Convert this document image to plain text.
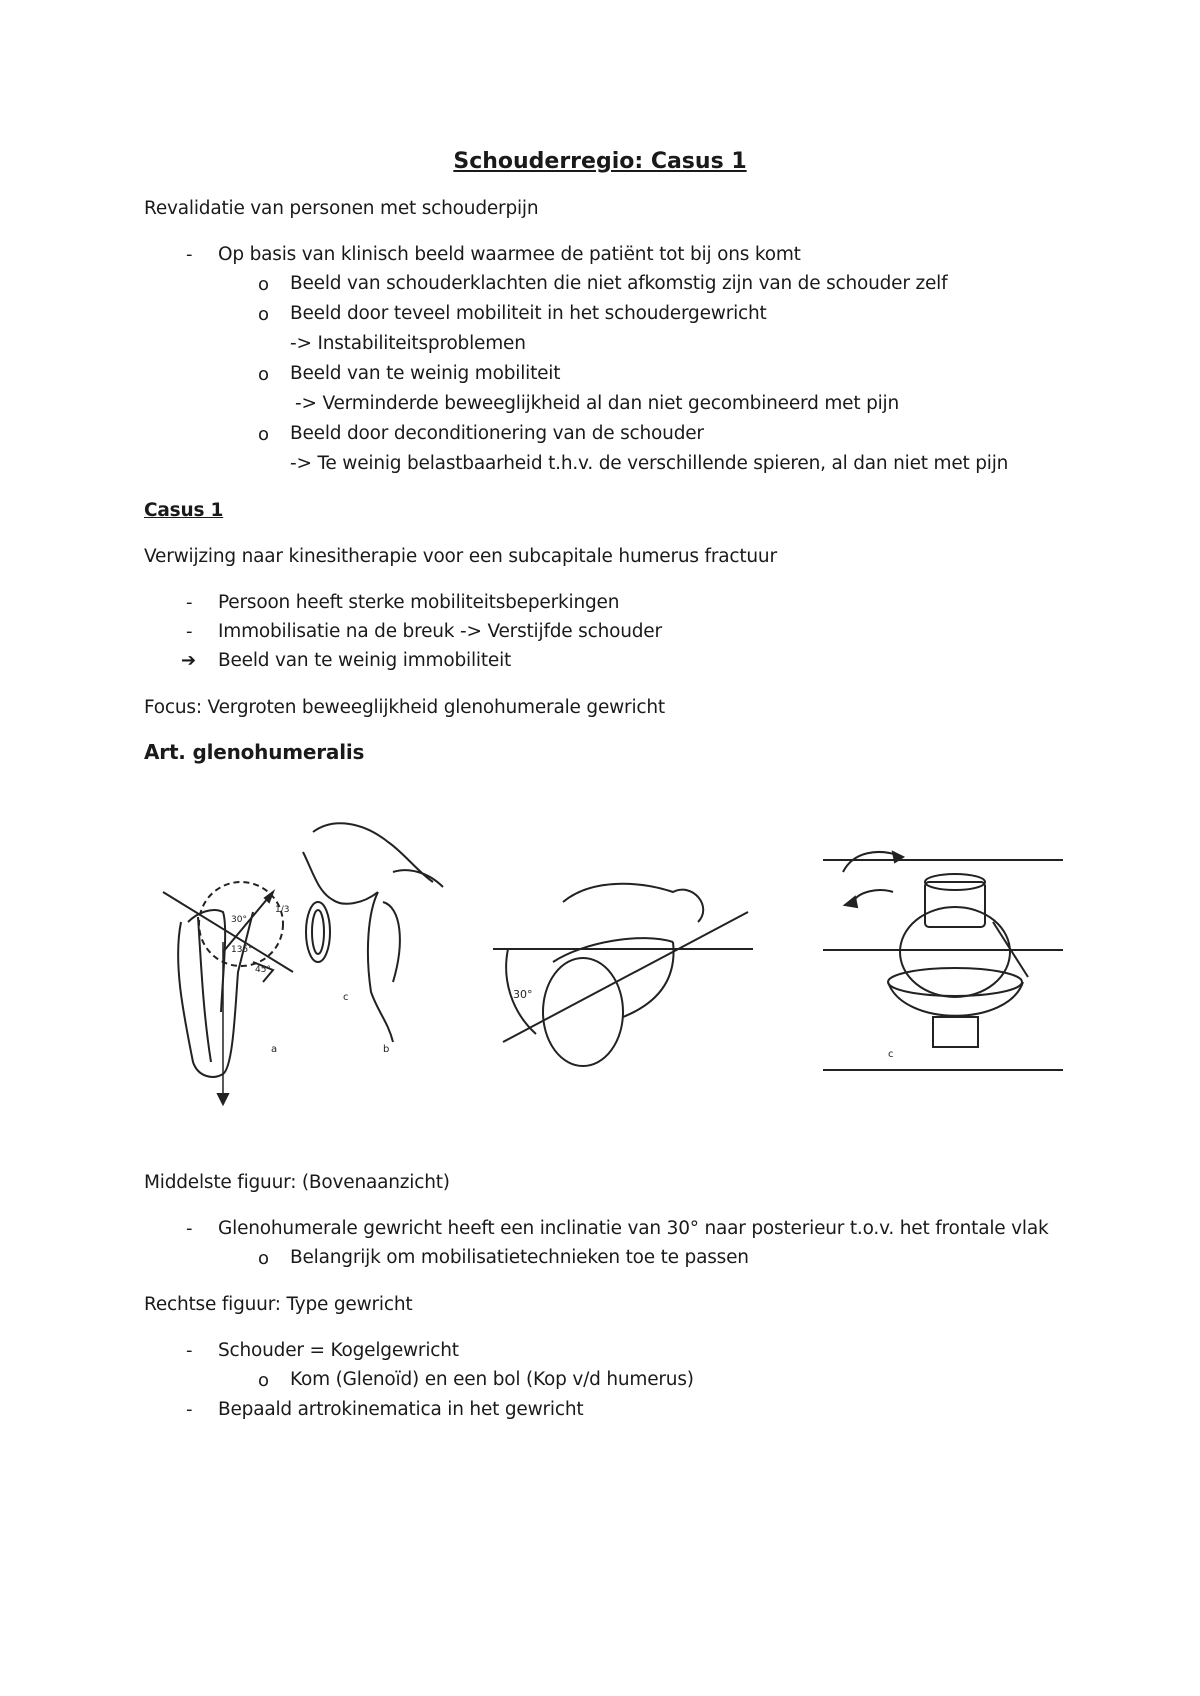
Schouderregio: Casus 1
Revalidatie van personen met schouderpijn
- Op basis van klinisch beeld waarmee de patiënt tot bij ons komt
o Beeld van schouderklachten die niet afkomstig zijn van de schouder zelf
o Beeld door teveel mobiliteit in het schoudergewricht
-> Instabiliteitsproblemen
o Beeld van te weinig mobiliteit
-> Verminderde beweeglijkheid al dan niet gecombineerd met pijn
o Beeld door deconditionering van de schouder
-> Te weinig belastbaarheid t.h.v. de verschillende spieren, al dan niet met pijn
Casus 1
Verwijzing naar kinesitherapie voor een subcapitale humerus fractuur
- Persoon heeft sterke mobiliteitsbeperkingen
- Immobilisatie na de breuk -> Verstijfde schouder
➔ Beeld van te weinig immobiliteit
Focus: Vergroten beweeglijkheid glenohumerale gewricht
Art. glenohumeralis
30°
1/3
135°
45°
a	b
c	30°
c
Middelste figuur: (Bovenaanzicht)
- Glenohumerale gewricht heeft een inclinatie van 30° naar posterieur t.o.v. het frontale vlak
o Belangrijk om mobilisatietechnieken toe te passen
Rechtse figuur: Type gewricht
- Schouder = Kogelgewricht
o Kom (Glenoïd) en een bol (Kop v/d humerus)
- Bepaald artrokinematica in het gewricht
